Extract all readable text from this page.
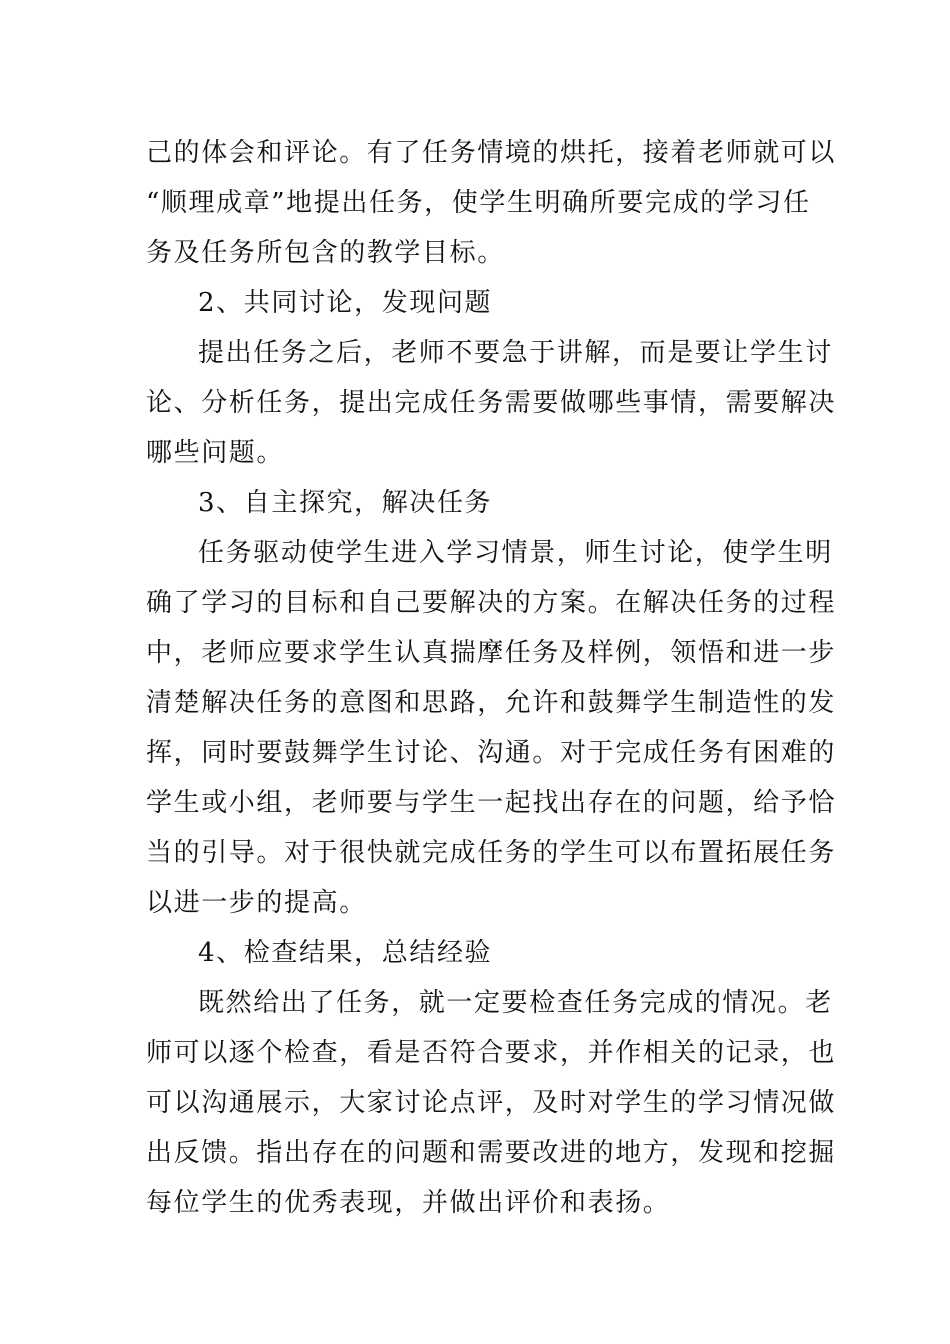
己的体会和评论。有了任务情境的烘托，接着老师就可以
“顺理成章”地提出任务，使学生明确所要完成的学习任
务及任务所包含的教学目标。
2、共同讨论，发现问题
提出任务之后，老师不要急于讲解，而是要让学生讨
论、分析任务，提出完成任务需要做哪些事情，需要解决
哪些问题。
3、自主探究，解决任务
任务驱动使学生进入学习情景，师生讨论，使学生明
确了学习的目标和自己要解决的方案。在解决任务的过程
中，老师应要求学生认真揣摩任务及样例，领悟和进一步
清楚解决任务的意图和思路，允许和鼓舞学生制造性的发
挥，同时要鼓舞学生讨论、沟通。对于完成任务有困难的
学生或小组，老师要与学生一起找出存在的问题，给予恰
当的引导。对于很快就完成任务的学生可以布置拓展任务
以进一步的提高。
4、检查结果，总结经验
既然给出了任务，就一定要检查任务完成的情况。老
师可以逐个检查，看是否符合要求，并作相关的记录，也
可以沟通展示，大家讨论点评，及时对学生的学习情况做
出反馈。指出存在的问题和需要改进的地方，发现和挖掘
每位学生的优秀表现，并做出评价和表扬。
